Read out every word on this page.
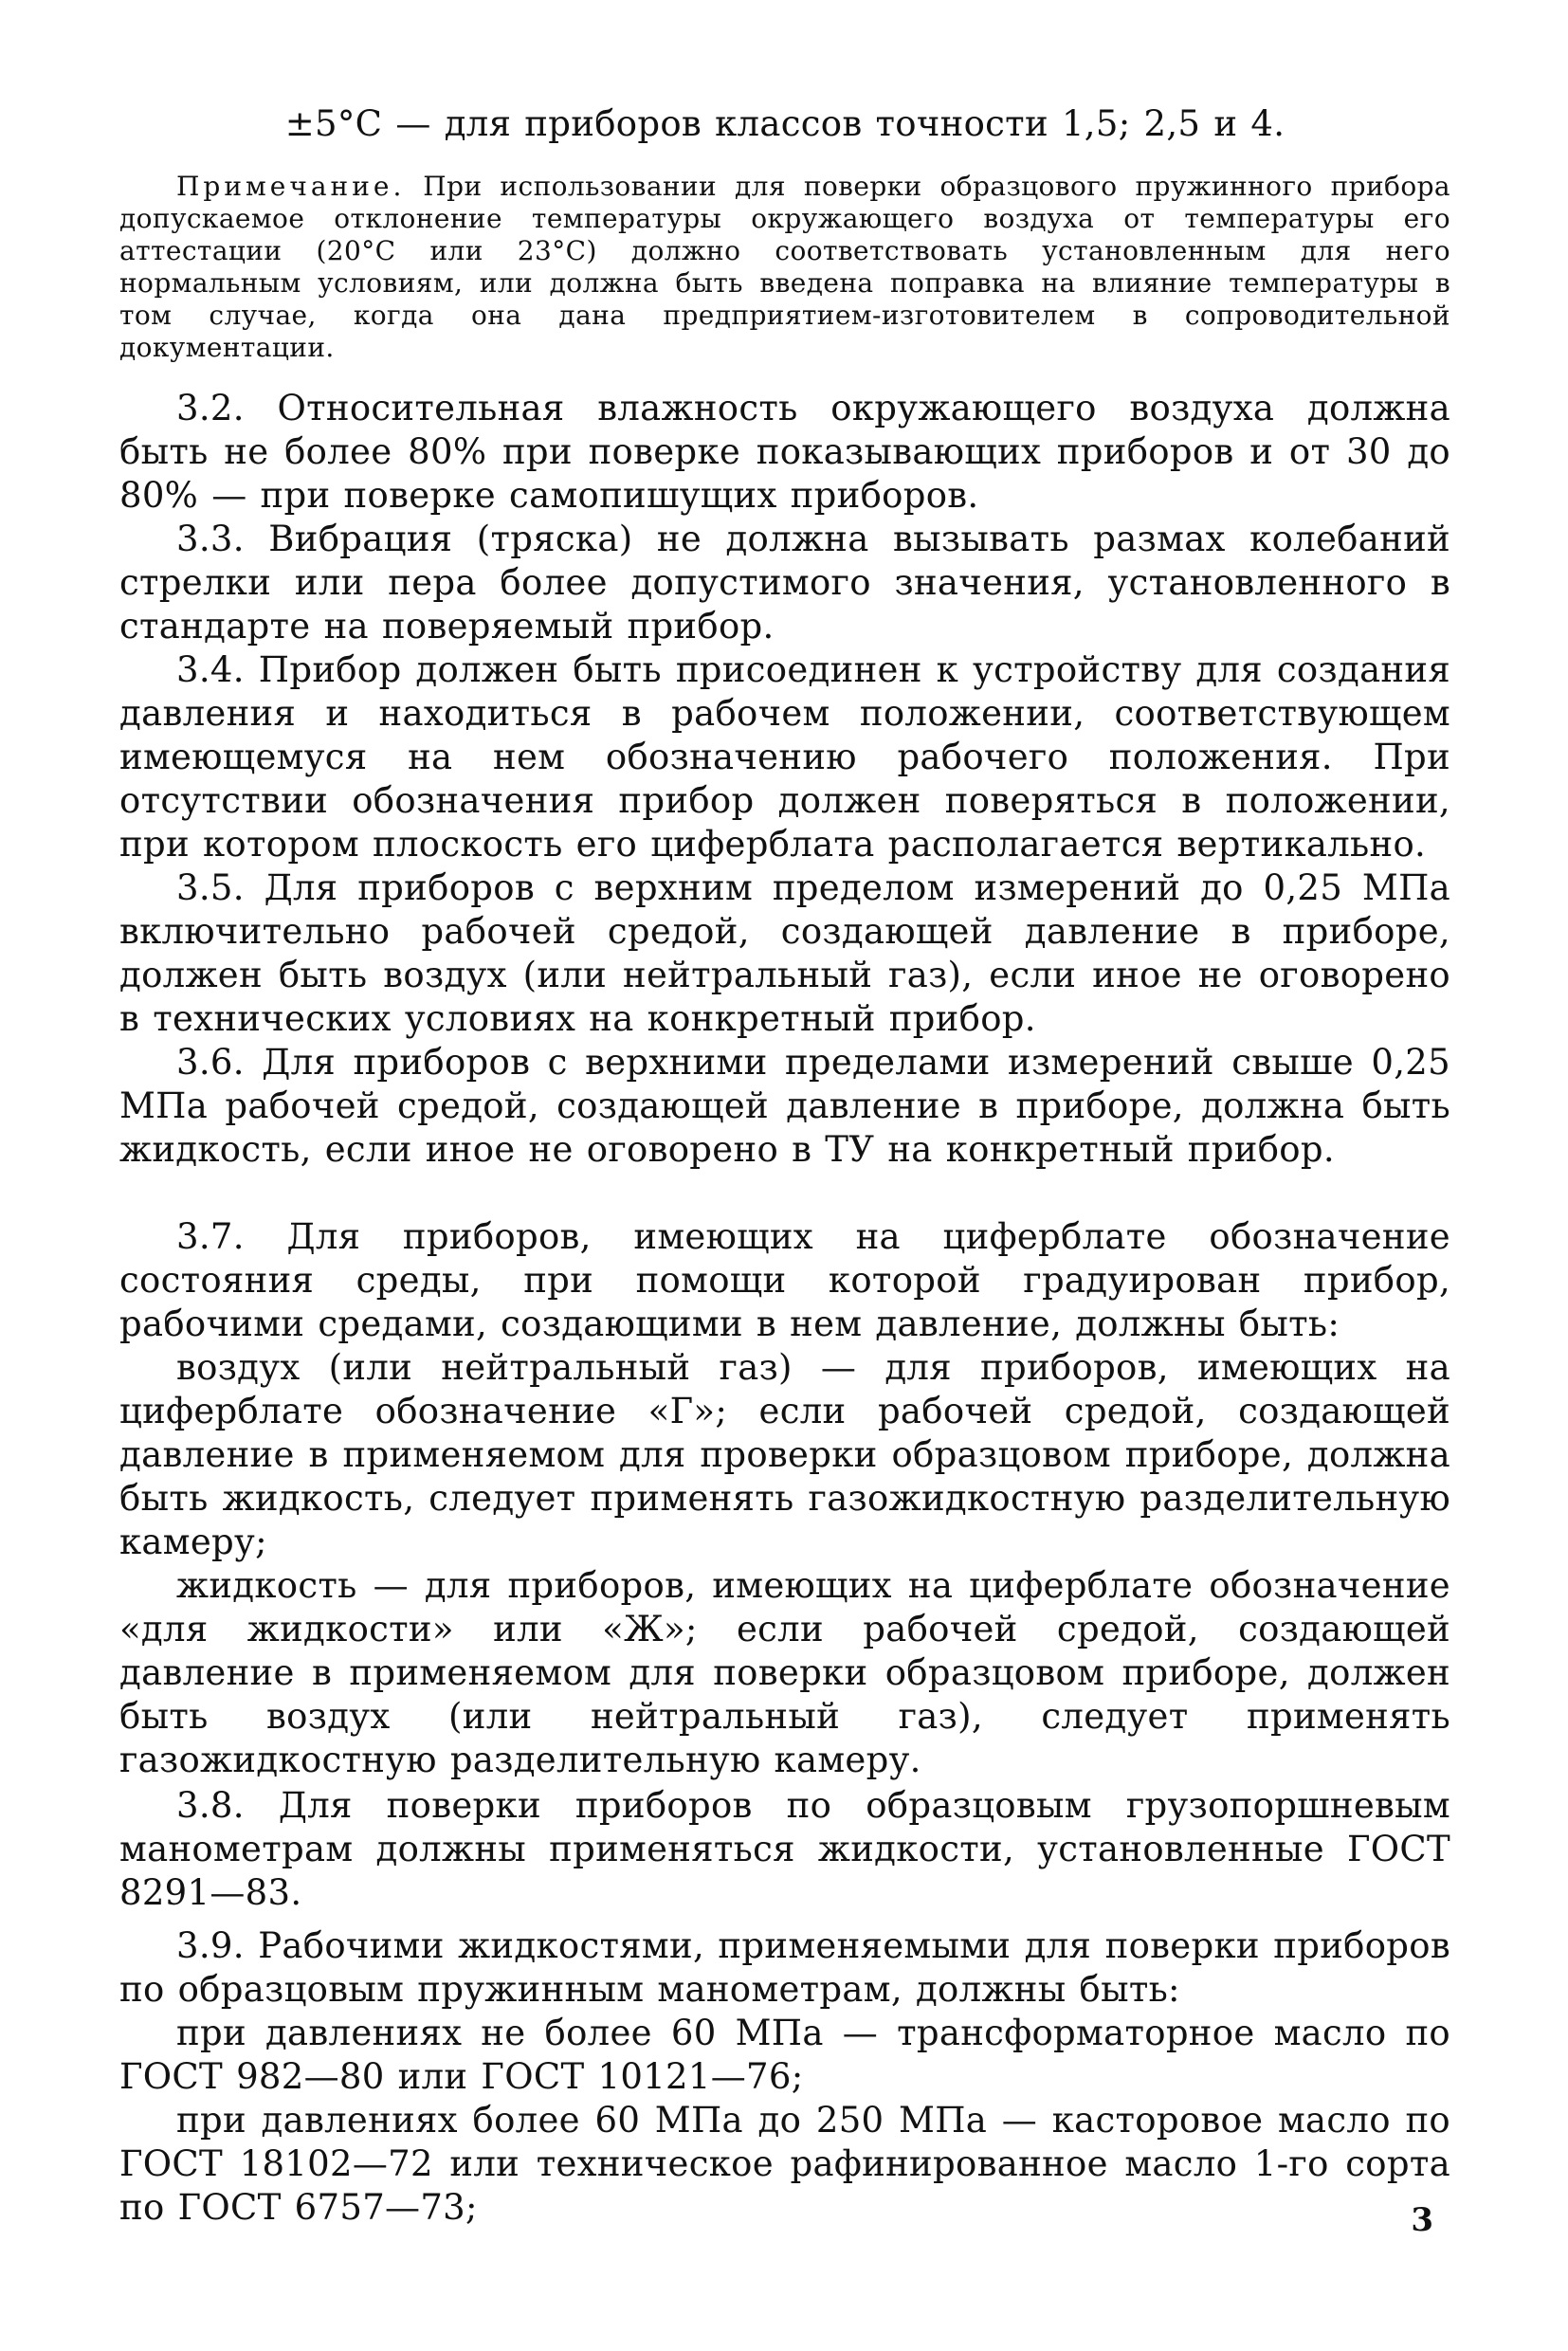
±5°C — для приборов классов точности 1,5; 2,5 и 4.

Примечание. При использовании для поверки образцового пружинного прибора допускаемое отклонение температуры окружающего воздуха от температуры его аттестации (20°С или 23°С) должно соответствовать установленным для него нормальным условиям, или должна быть введена поправка на влияние температуры в том случае, когда она дана предприятием-изготовителем в сопроводительной документации.

3.2. Относительная влажность окружающего воздуха должна быть не более 80% при поверке показывающих приборов и от 30 до 80% — при поверке самопишущих приборов.

3.3. Вибрация (тряска) не должна вызывать размах колебаний стрелки или пера более допустимого значения, установленного в стандарте на поверяемый прибор.

3.4. Прибор должен быть присоединен к устройству для создания давления и находиться в рабочем положении, соответствующем имеющемуся на нем обозначению рабочего положения. При отсутствии обозначения прибор должен поверяться в положении, при котором плоскость его циферблата располагается вертикально.

3.5. Для приборов с верхним пределом измерений до 0,25 МПа включительно рабочей средой, создающей давление в приборе, должен быть воздух (или нейтральный газ), если иное не оговорено в технических условиях на конкретный прибор.

3.6. Для приборов с верхними пределами измерений свыше 0,25 МПа рабочей средой, создающей давление в приборе, должна быть жидкость, если иное не оговорено в ТУ на конкретный прибор.

3.7. Для приборов, имеющих на циферблате обозначение состояния среды, при помощи которой градуирован прибор, рабочими средами, создающими в нем давление, должны быть:

воздух (или нейтральный газ) — для приборов, имеющих на циферблате обозначение «Г»; если рабочей средой, создающей давление в применяемом для проверки образцовом приборе, должна быть жидкость, следует применять газожидкостную разделительную камеру;

жидкость — для приборов, имеющих на циферблате обозначение «для жидкости» или «Ж»; если рабочей средой, создающей давление в применяемом для поверки образцовом приборе, должен быть воздух (или нейтральный газ), следует применять газожидкостную разделительную камеру.

3.8. Для поверки приборов по образцовым грузопоршневым манометрам должны применяться жидкости, установленные ГОСТ 8291—83.

3.9. Рабочими жидкостями, применяемыми для поверки приборов по образцовым пружинным манометрам, должны быть:

при давлениях не более 60 МПа — трансформаторное масло по ГОСТ 982—80 или ГОСТ 10121—76;

при давлениях более 60 МПа до 250 МПа — касторовое масло по ГОСТ 18102—72 или техническое рафинированное масло 1-го сорта по ГОСТ 6757—73;	3
